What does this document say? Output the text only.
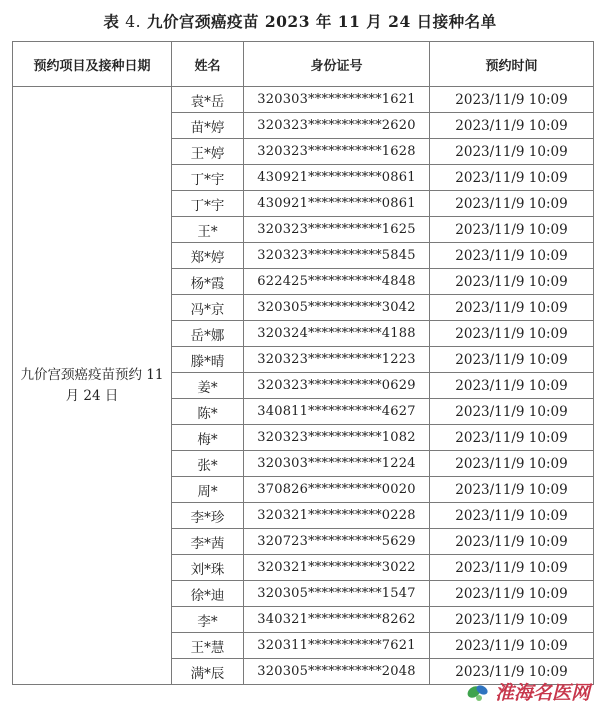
表 4. 九价宫颈癌疫苗 2023 年 11 月 24 日接种名单
预约项目及接种日期	姓名	身份证号	预约时间
九价宫颈癌疫苗预约 11 月 24 日	袁*岳	320303***********1621	2023/11/9 10:09
	苗*婷	320323***********2620	2023/11/9 10:09
	王*婷	320323***********1628	2023/11/9 10:09
	丁*宇	430921***********0861	2023/11/9 10:09
	丁*宇	430921***********0861	2023/11/9 10:09
	王*	320323***********1625	2023/11/9 10:09
	郑*婷	320323***********5845	2023/11/9 10:09
	杨*霞	622425***********4848	2023/11/9 10:09
	冯*京	320305***********3042	2023/11/9 10:09
	岳*娜	320324***********4188	2023/11/9 10:09
	滕*晴	320323***********1223	2023/11/9 10:09
	姜*	320323***********0629	2023/11/9 10:09
	陈*	340811***********4627	2023/11/9 10:09
	梅*	320323***********1082	2023/11/9 10:09
	张*	320303***********1224	2023/11/9 10:09
	周*	370826***********0020	2023/11/9 10:09
	李*珍	320321***********0228	2023/11/9 10:09
	李*茜	320723***********5629	2023/11/9 10:09
	刘*珠	320321***********3022	2023/11/9 10:09
	徐*迪	320305***********1547	2023/11/9 10:09
	李*	340321***********8262	2023/11/9 10:09
	王*慧	320311***********7621	2023/11/9 10:09
	满*辰	320305***********2048	2023/11/9 10:09
淮海名医网
